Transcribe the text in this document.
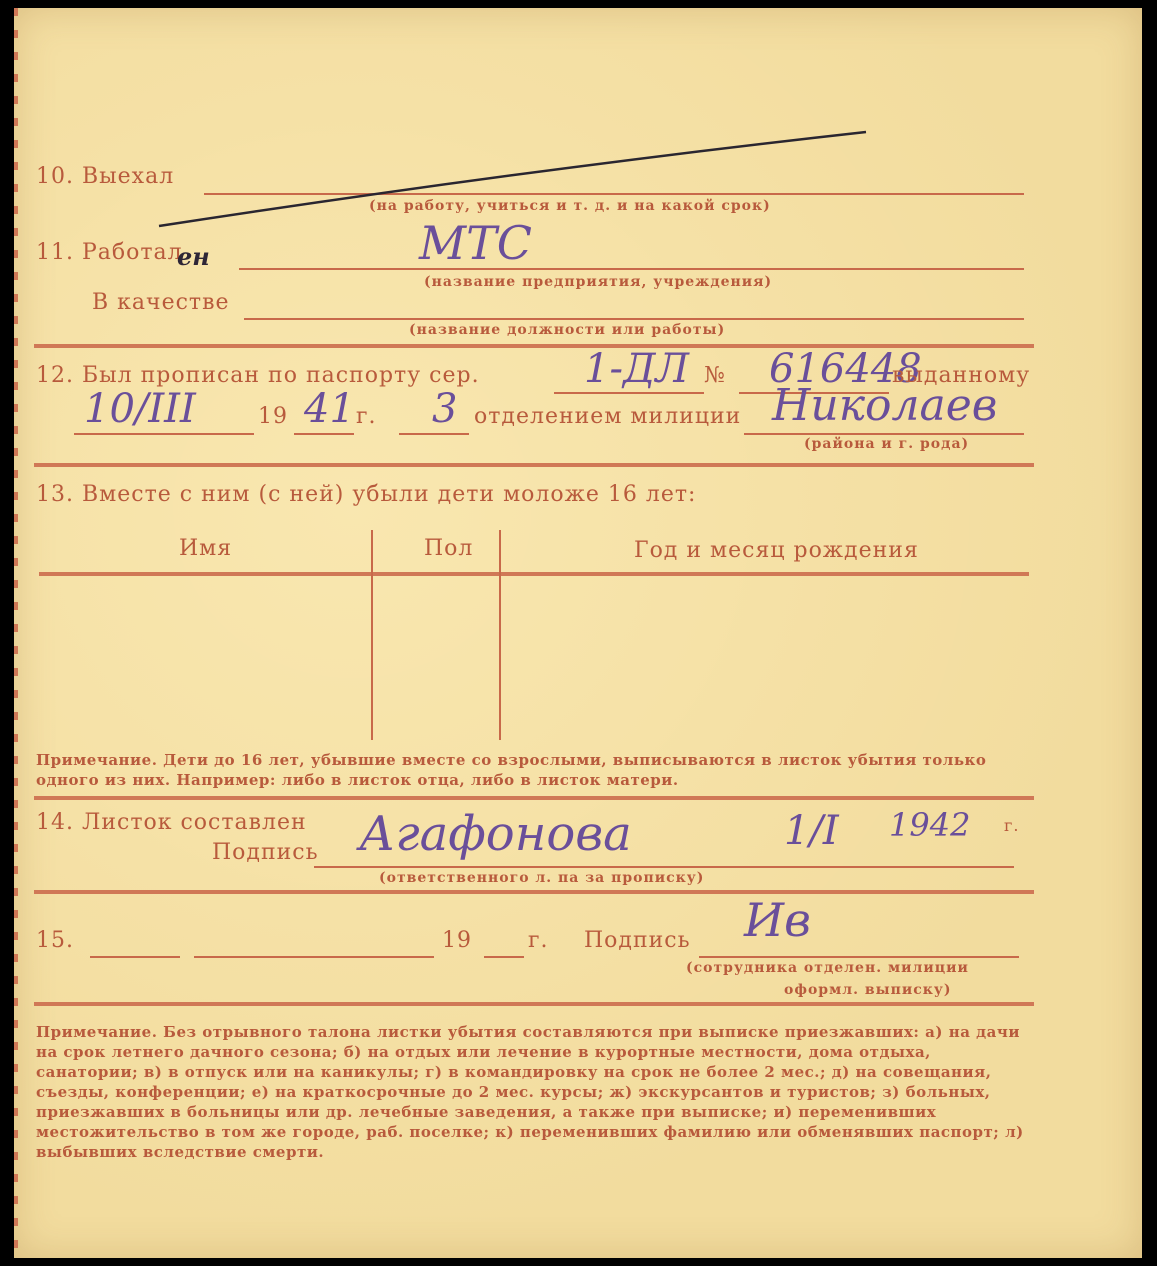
10. Выехал
(на работу, учиться и т. д. и на какой срок)
11. Работал
ен	МТС
(название предприятия, учреждения)
В качестве
(название должности или работы)
12. Был прописан по паспорту сер.	1-ДЛ № 616448
выданному
10/III	19 41 г. 3 отделением милиции Николаев
(района и г. рода)
13. Вместе с ним (с ней) убыли дети моложе 16 лет:
Имя	Пол	Год и месяц рождения
Примечание. Дети до 16 лет, убывшие вместе со взрослыми, выписываются в листок убытия только одного из них. Например: либо в листок отца, либо в листок матери.
14. Листок составлен
Подпись Агафонова	1/I 1942 г.
(ответственного л. па за прописку)
15.	19	г. Подпись Ив
(сотрудника отделен. милиции
оформл. выписку)
Примечание. Без отрывного талона листки убытия составляются при выписке приезжавших: а) на дачи на срок летнего дачного сезона; б) на отдых или лечение в курортные местности, дома отдыха, санатории; в) в отпуск или на каникулы; г) в командировку на срок не более 2 мес.; д) на совещания, съезды, конференции; е) на краткосрочные до 2 мес. курсы; ж) экскурсантов и туристов; з) больных, приезжавших в больницы или др. лечебные заведения, а также при выписке; и) переменивших местожительство в том же городе, раб. поселке; к) переменивших фамилию или обменявших паспорт; л) выбывших вследствие смерти.
